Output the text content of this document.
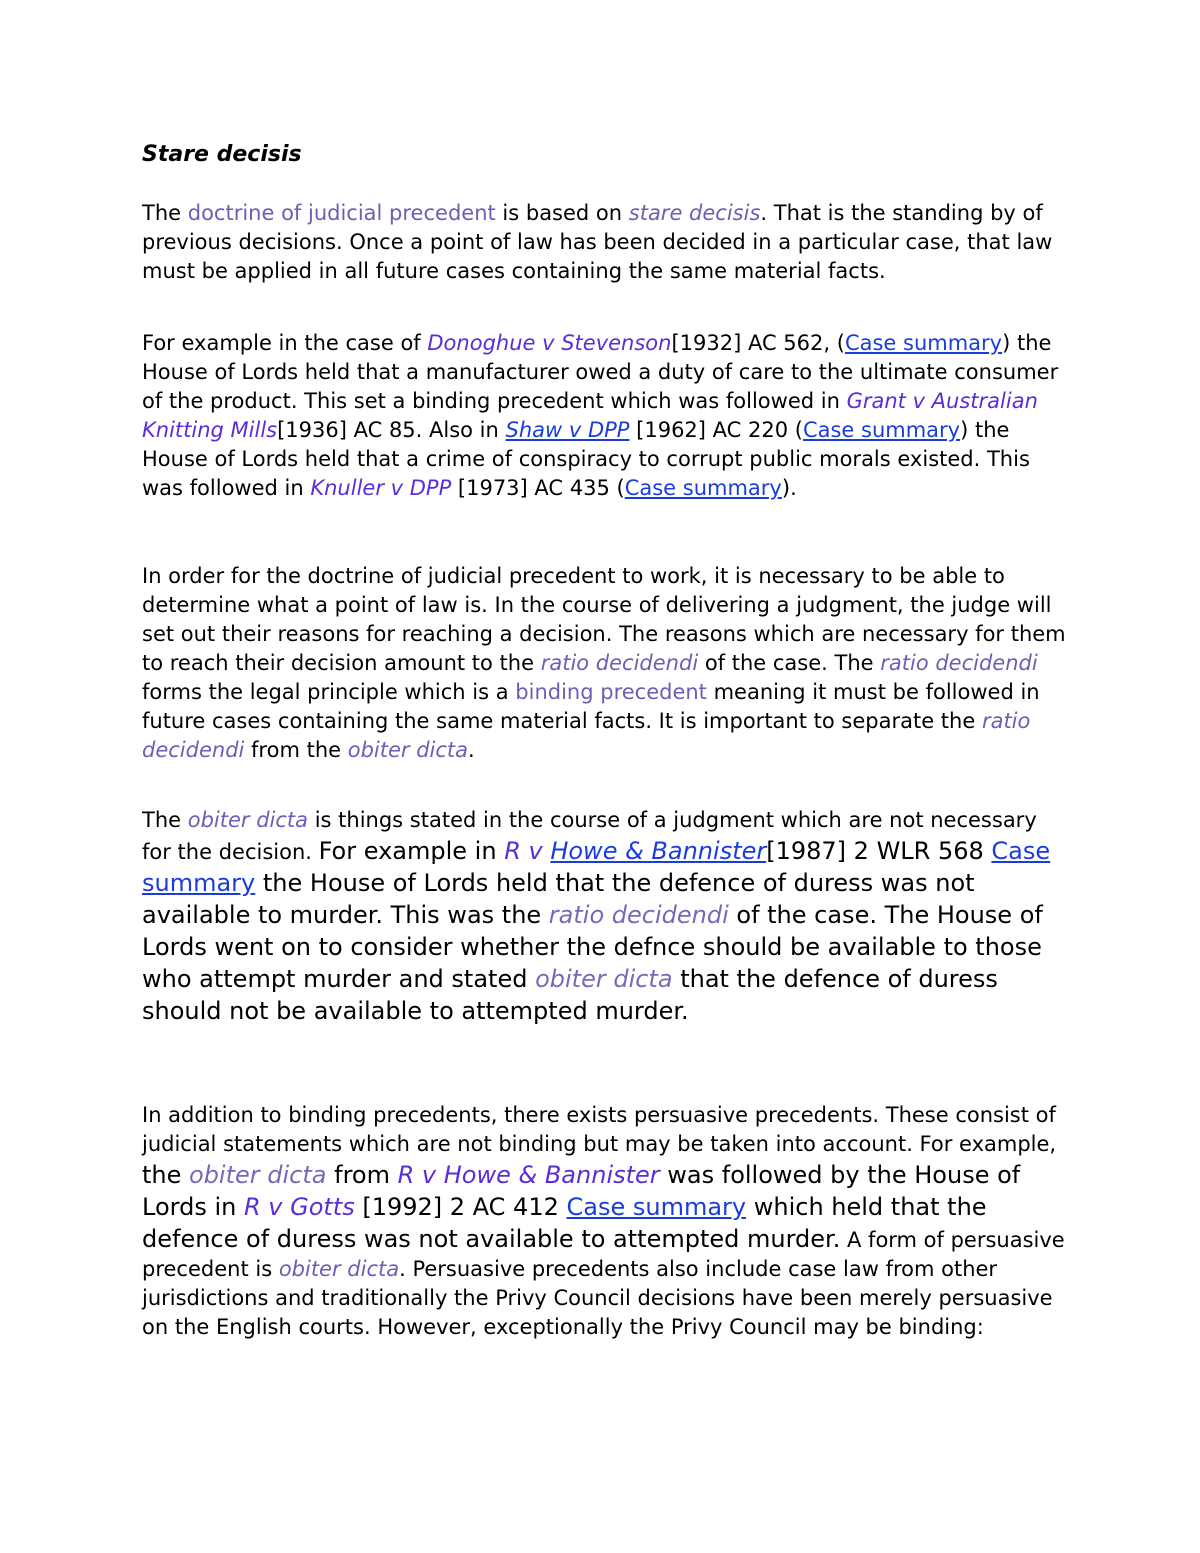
Stare decisis

The doctrine of judicial precedent is based on stare decisis. That is the standing by of previous decisions. Once a point of law has been decided in a particular case, that law must be applied in all future cases containing the same material facts.

For example in the case of Donoghue v Stevenson[1932] AC 562, (Case summary) the House of Lords held that a manufacturer owed a duty of care to the ultimate consumer of the product. This set a binding precedent which was followed in Grant v Australian Knitting Mills[1936] AC 85. Also in Shaw v DPP [1962] AC 220 (Case summary) the House of Lords held that a crime of conspiracy to corrupt public morals existed. This was followed in Knuller v DPP [1973] AC 435 (Case summary).

In order for the doctrine of judicial precedent to work, it is necessary to be able to determine what a point of law is. In the course of delivering a judgment, the judge will set out their reasons for reaching a decision. The reasons which are necessary for them to reach their decision amount to the ratio decidendi of the case. The ratio decidendi forms the legal principle which is a binding precedent meaning it must be followed in future cases containing the same material facts. It is important to separate the ratio decidendi from the obiter dicta.

The obiter dicta is things stated in the course of a judgment which are not necessary for the decision. For example in R v Howe & Bannister[1987] 2 WLR 568 Case summary the House of Lords held that the defence of duress was not available to murder. This was the ratio decidendi of the case. The House of Lords went on to consider whether the defnce should be available to those who attempt murder and stated obiter dicta that the defence of duress should not be available to attempted murder.

In addition to binding precedents, there exists persuasive precedents. These consist of judicial statements which are not binding but may be taken into account. For example, the obiter dicta from R v Howe & Bannister was followed by the House of Lords in R v Gotts [1992] 2 AC 412 Case summary which held that the defence of duress was not available to attempted murder. A form of persuasive precedent is obiter dicta. Persuasive precedents also include case law from other jurisdictions and traditionally the Privy Council decisions have been merely persuasive on the English courts. However, exceptionally the Privy Council may be binding:
